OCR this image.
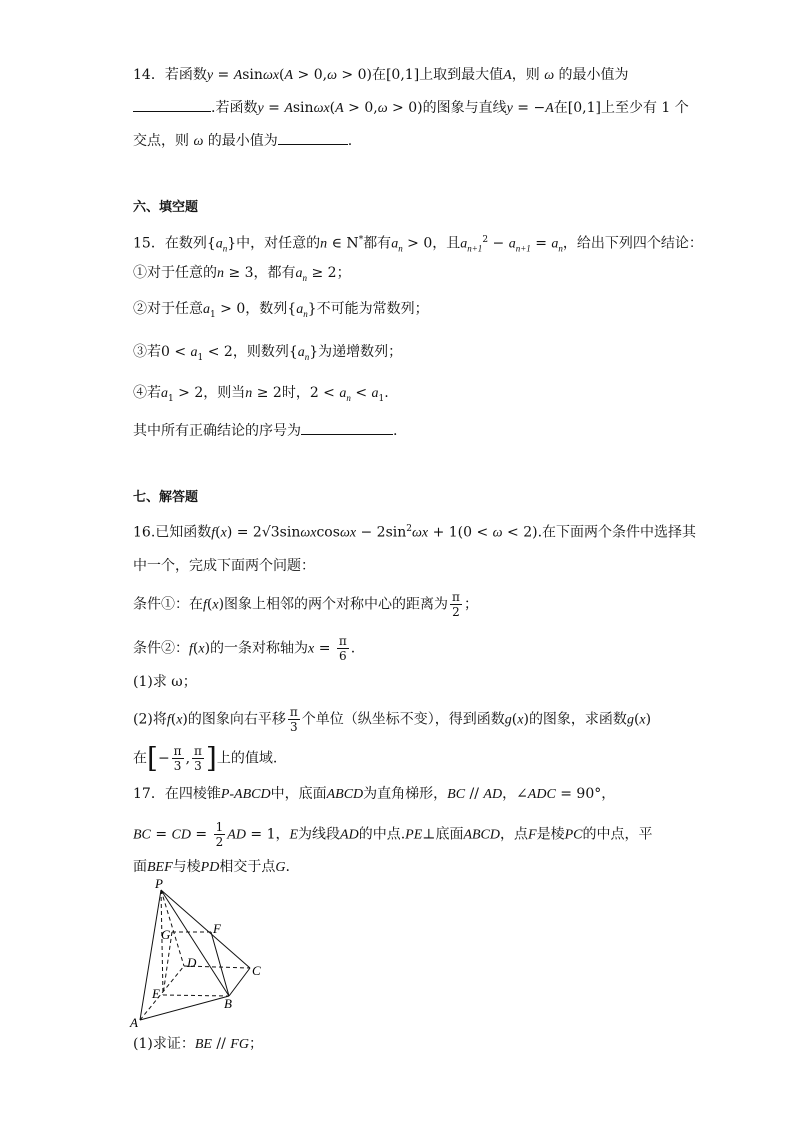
14．若函数y = Asinωx(A > 0,ω > 0)在[0,1]上取到最大值A，则 ω 的最小值为
.若函数y = Asinωx(A > 0,ω > 0)的图象与直线y = −A在[0,1]上至少有 1 个
交点，则 ω 的最小值为	.
六、填空题
15．在数列$\{a_n\}$中，对任意的n ∈ N*都有$a_n > 0$，且$a_{n+1}^2 - a_{n+1} = a_n$，给出下列四个结论：
①对于任意的n ≥ 3，都有$a_n \ge 2$；
②对于任意$a_1 > 0$，数列$\{a_n\}$不可能为常数列；
③若$0 < a_1 < 2$，则数列$\{a_n\}$为递增数列；
④若$a_1 > 2$，则当n ≥ 2时，$2 < a_n < a_1$.
其中所有正确结论的序号为	.
七、解答题
16.已知函数$f(x) = 2√3\sin\omega xcos\omega x - 2\sin^2\omega x + 1(0 < \omega < 2)$.在下面两个条件中选择其
中一个，完成下面两个问题：
条件①：在f(x)图象上相邻的两个对称中心的距离为 $\frac{\pi}{2}$ ；
条件②：f(x)的一条对称轴为$x = \frac{\pi}{6}$ .
(1)求 ω；
(2)将f(x)的图象向右平移 $\frac{\pi}{3}$ 个单位（纵坐标不变），得到函数g(x)的图象，求函数g(x)
在[− $\frac{\pi}{3}$ , $\frac{\pi}{3}$ ]上的值域.
17．在四棱锥P-ABCD中，底面ABCD为直角梯形，BC // AD，∠ADC = 90°，
BC = CD = $\frac{1}{2}$ AD = 1，E为线段AD的中点.PE⊥底面ABCD，点F是棱PC的中点，平
面BEF与棱PD相交于点G.
P
A
B
C
D
E
F
G
(1)求证：BE // FG；
